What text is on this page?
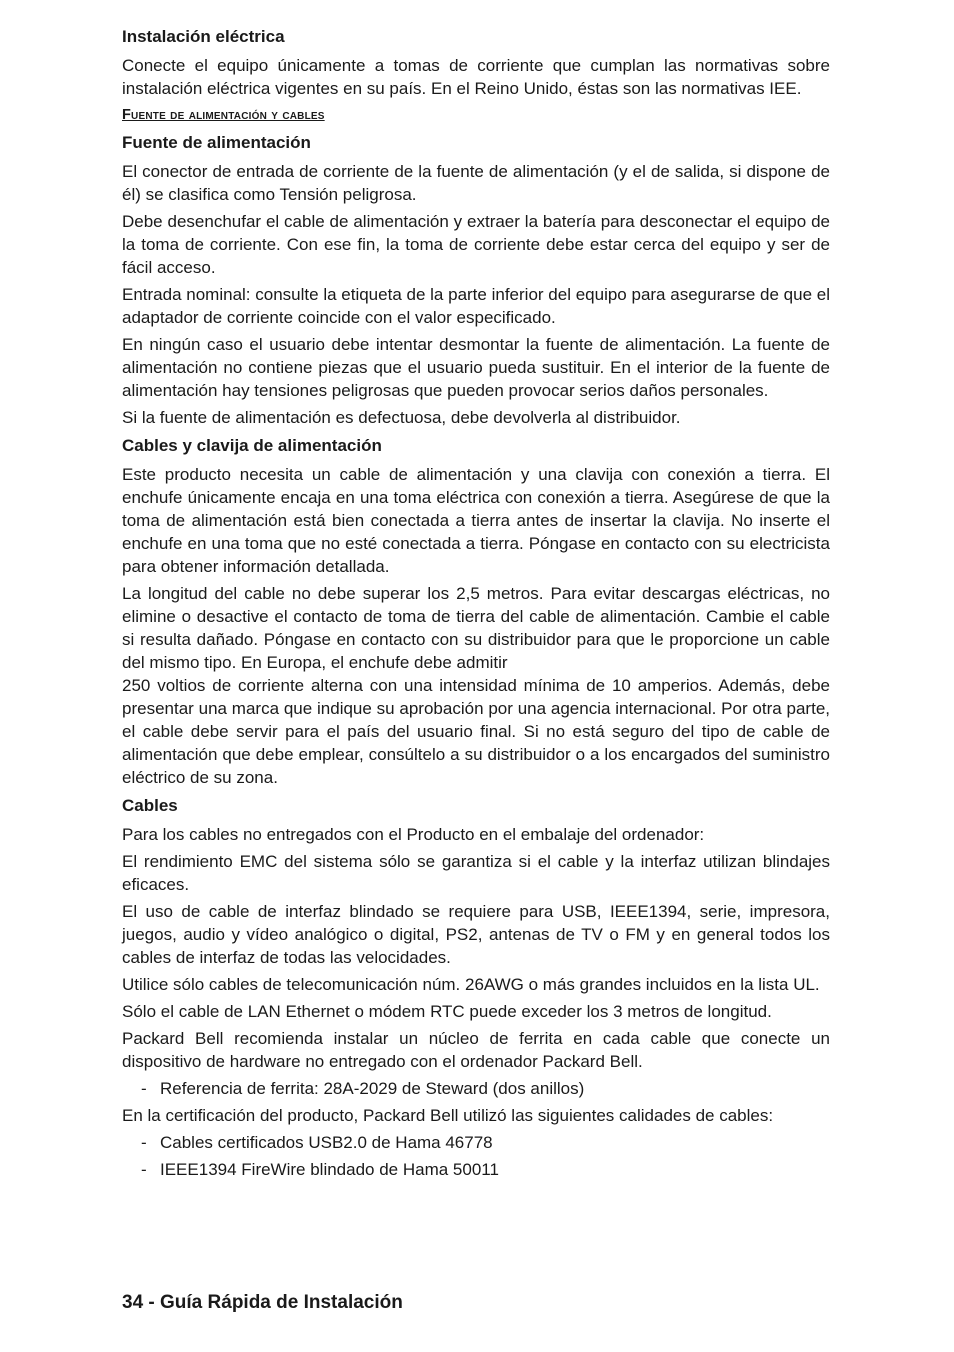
Instalación eléctrica

Conecte el equipo únicamente a tomas de corriente que cumplan las normativas sobre instalación eléctrica vigentes en su país. En el Reino Unido, éstas son las normativas IEE.

Fuente de alimentación y cables
Fuente de alimentación

El conector de entrada de corriente de la fuente de alimentación (y el de salida, si dispone de él) se clasifica como Tensión peligrosa.

Debe desenchufar el cable de alimentación y extraer la batería para desconectar el equipo de la toma de corriente. Con ese fin, la toma de corriente debe estar cerca del equipo y ser de fácil acceso.

Entrada nominal: consulte la etiqueta de la parte inferior del equipo para asegurarse de que el adaptador de corriente coincide con el valor especificado.

En ningún caso el usuario debe intentar desmontar la fuente de alimentación. La fuente de alimentación no contiene piezas que el usuario pueda sustituir. En el interior de la fuente de alimentación hay tensiones peligrosas que pueden provocar serios daños personales.

Si la fuente de alimentación es defectuosa, debe devolverla al distribuidor.

Cables y clavija de alimentación

Este producto necesita un cable de alimentación y una clavija con conexión a tierra. El enchufe únicamente encaja en una toma eléctrica con conexión a tierra. Asegúrese de que la toma de alimentación está bien conectada a tierra antes de insertar la clavija. No inserte el enchufe en una toma que no esté conectada a tierra. Póngase en contacto con su electricista para obtener información detallada.

La longitud del cable no debe superar los 2,5 metros. Para evitar descargas eléctricas, no elimine o desactive el contacto de toma de tierra del cable de alimentación. Cambie el cable si resulta dañado. Póngase en contacto con su distribuidor para que le proporcione un cable del mismo tipo. En Europa, el enchufe debe admitir

250 voltios de corriente alterna con una intensidad mínima de 10 amperios. Además, debe presentar una marca que indique su aprobación por una agencia internacional. Por otra parte, el cable debe servir para el país del usuario final. Si no está seguro del tipo de cable de alimentación que debe emplear, consúltelo a su distribuidor o a los encargados del suministro eléctrico de su zona.

Cables

Para los cables no entregados con el Producto en el embalaje del ordenador:

El rendimiento EMC del sistema sólo se garantiza si el cable y la interfaz utilizan blindajes eficaces.

El uso de cable de interfaz blindado se requiere para USB, IEEE1394, serie, impresora, juegos, audio y vídeo analógico o digital, PS2, antenas de TV o FM y en general todos los cables de interfaz de todas las velocidades.

Utilice sólo cables de telecomunicación núm. 26AWG o más grandes incluidos en la lista UL.

Sólo el cable de LAN Ethernet o módem RTC puede exceder los 3 metros de longitud.

Packard Bell recomienda instalar un núcleo de ferrita en cada cable que conecte un dispositivo de hardware no entregado con el ordenador Packard Bell.

- Referencia de ferrita: 28A-2029 de Steward (dos anillos)

En la certificación del producto, Packard Bell utilizó las siguientes calidades de cables:

- Cables certificados USB2.0 de Hama 46778
- IEEE1394 FireWire blindado de Hama 50011
34 - Guía Rápida de Instalación
